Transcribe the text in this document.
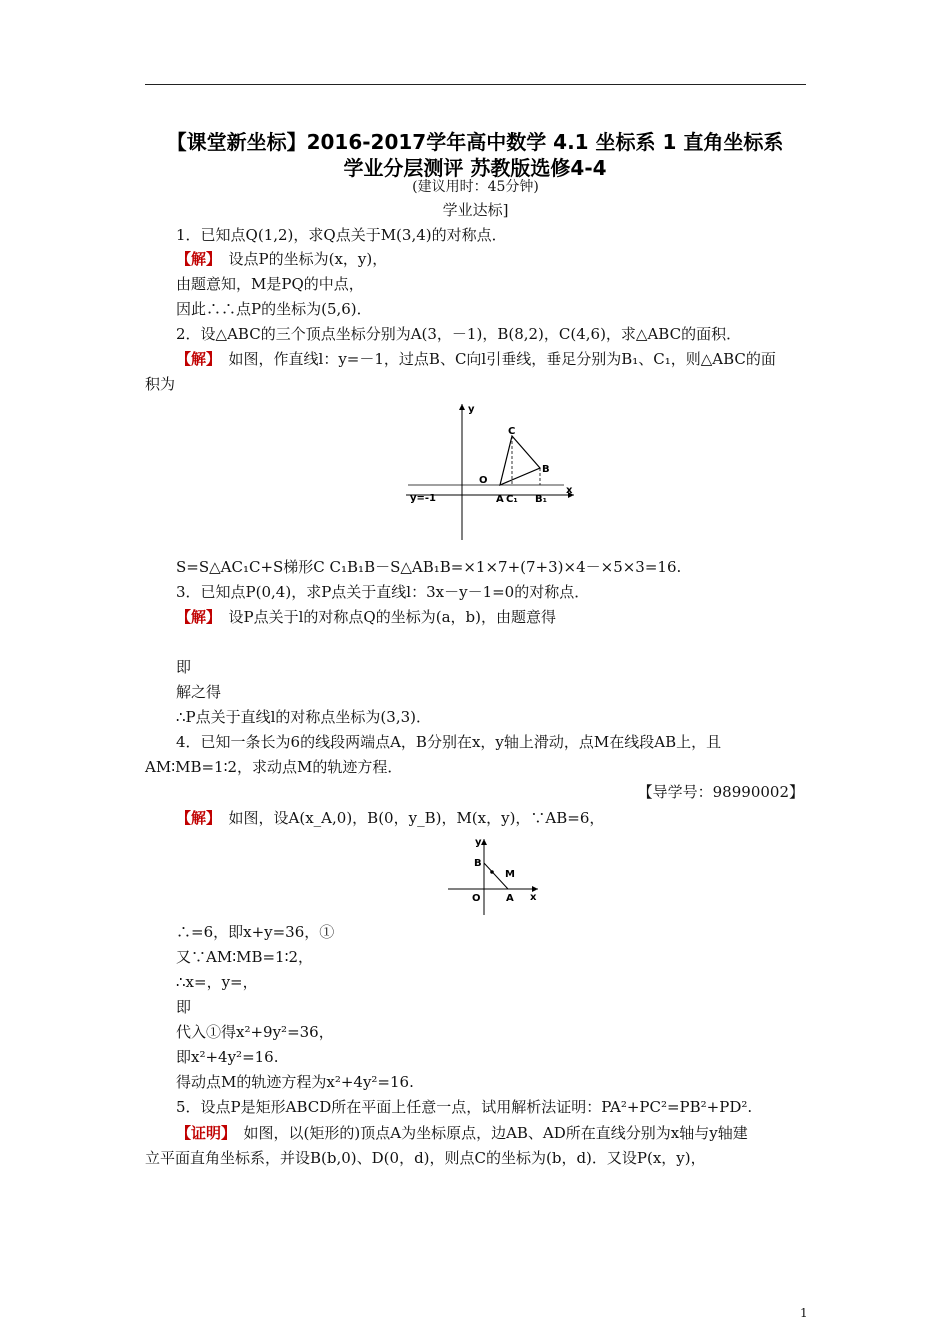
【课堂新坐标】2016-2017学年高中数学 4.1 坐标系 1 直角坐标系
学业分层测评 苏教版选修4-4
(建议用时：45分钟)
学业达标]
1．已知点Q(1,2)，求Q点关于M(3,4)的对称点．
【解】　 设点P的坐标为(x，y)，
由题意知，M是PQ的中点，
因此∴∴点P的坐标为(5,6)．
2．设△ABC的三个顶点坐标分别为A(3，－1)，B(8,2)，C(4,6)，求△ABC的面积．
【解】　 如图，作直线l：y=－1，过点B、C向l引垂线，垂足分别为B₁、C₁，则△ABC的面
积为
y
x
O
y=-1
C
B
A C₁ B₁
S=S△AC₁C+S梯形C C₁B₁B－S△AB₁B=×1×7+(7+3)×4－×5×3=16.
3．已知点P(0,4)，求P点关于直线l：3x－y－1=0的对称点．
【解】　 设P点关于l的对称点Q的坐标为(a，b)，由题意得
即
解之得
∴P点关于直线l的对称点坐标为(3,3)．
4．已知一条长为6的线段两端点A，B分别在x，y轴上滑动，点M在线段AB上，且
AM∶MB=1∶2，求动点M的轨迹方程．
【导学号：98990002】
【解】　 如图，设A(x_A,0)，B(0，y_B)，M(x，y)，∵AB=6，
y
x
O
B
M
A
∴=6，即x+y=36，①
又∵AM∶MB=1∶2，
∴x=，y=，
即
代入①得x²+9y²=36，
即x²+4y²=16.
得动点M的轨迹方程为x²+4y²=16.
5．设点P是矩形ABCD所在平面上任意一点，试用解析法证明：PA²+PC²=PB²+PD².
【证明】　 如图，以(矩形的)顶点A为坐标原点，边AB、AD所在直线分别为x轴与y轴建
立平面直角坐标系，并设B(b,0)、D(0，d)，则点C的坐标为(b，d)．又设P(x，y)，
1
